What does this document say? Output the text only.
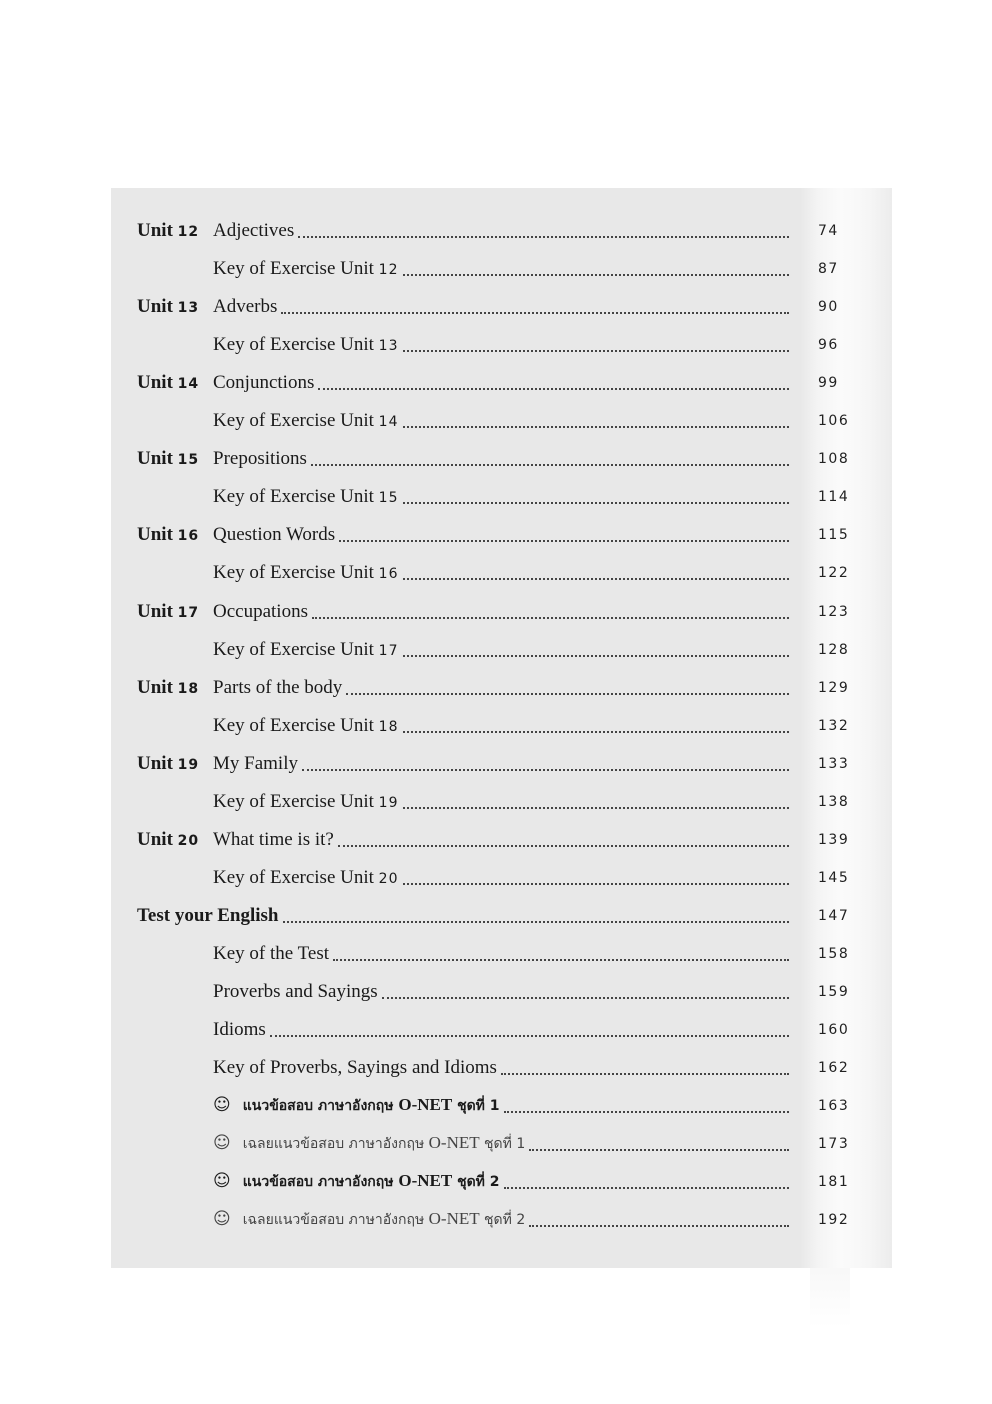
Unit 12 Adjectives	74
Key of Exercise Unit 12	87
Unit 13 Adverbs	90
Key of Exercise Unit 13	96
Unit 14 Conjunctions	99
Key of Exercise Unit 14	106
Unit 15 Prepositions	108
Key of Exercise Unit 15	114
Unit 16 Question Words	115
Key of Exercise Unit 16	122
Unit 17 Occupations	123
Key of Exercise Unit 17	128
Unit 18 Parts of the body	129
Key of Exercise Unit 18	132
Unit 19 My Family	133
Key of Exercise Unit 19	138
Unit 20 What time is it?	139
Key of Exercise Unit 20	145
Test your English	147
Key of the Test	158
Proverbs and Sayings	159
Idioms	160
Key of Proverbs, Sayings and Idioms	162
☺ แนวข้อสอบ ภาษาอังกฤษ O-NET ชุดที่ 1	163
☺ เฉลยแนวข้อสอบ ภาษาอังกฤษ O-NET ชุดที่ 1	173
☺ แนวข้อสอบ ภาษาอังกฤษ O-NET ชุดที่ 2	181
☺ เฉลยแนวข้อสอบ ภาษาอังกฤษ O-NET ชุดที่ 2	192
